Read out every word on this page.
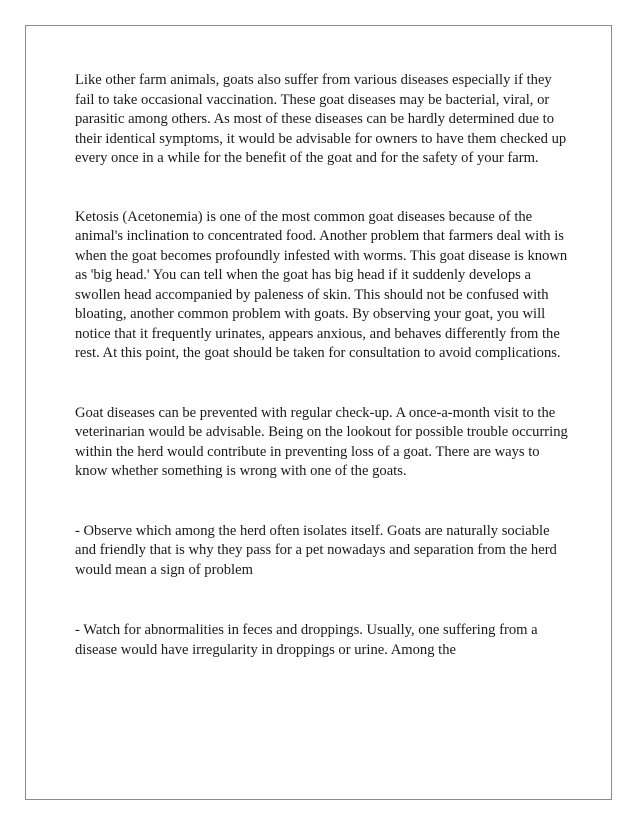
Like other farm animals, goats also suffer from various diseases especially if they fail to take occasional vaccination. These goat diseases may be bacterial, viral, or parasitic among others. As most of these diseases can be hardly determined due to their identical symptoms, it would be advisable for owners to have them checked up every once in a while for the benefit of the goat and for the safety of your farm.

Ketosis (Acetonemia) is one of the most common goat diseases because of the animal's inclination to concentrated food. Another problem that farmers deal with is when the goat becomes profoundly infested with worms. This goat disease is known as 'big head.' You can tell when the goat has big head if it suddenly develops a swollen head accompanied by paleness of skin. This should not be confused with bloating, another common problem with goats. By observing your goat, you will notice that it frequently urinates, appears anxious, and behaves differently from the rest. At this point, the goat should be taken for consultation to avoid complications.

Goat diseases can be prevented with regular check-up. A once-a-month visit to the veterinarian would be advisable. Being on the lookout for possible trouble occurring within the herd would contribute in preventing loss of a goat. There are ways to know whether something is wrong with one of the goats.

- Observe which among the herd often isolates itself. Goats are naturally sociable and friendly that is why they pass for a pet nowadays and separation from the herd would mean a sign of problem

- Watch for abnormalities in feces and droppings. Usually, one suffering from a disease would have irregularity in droppings or urine. Among the
